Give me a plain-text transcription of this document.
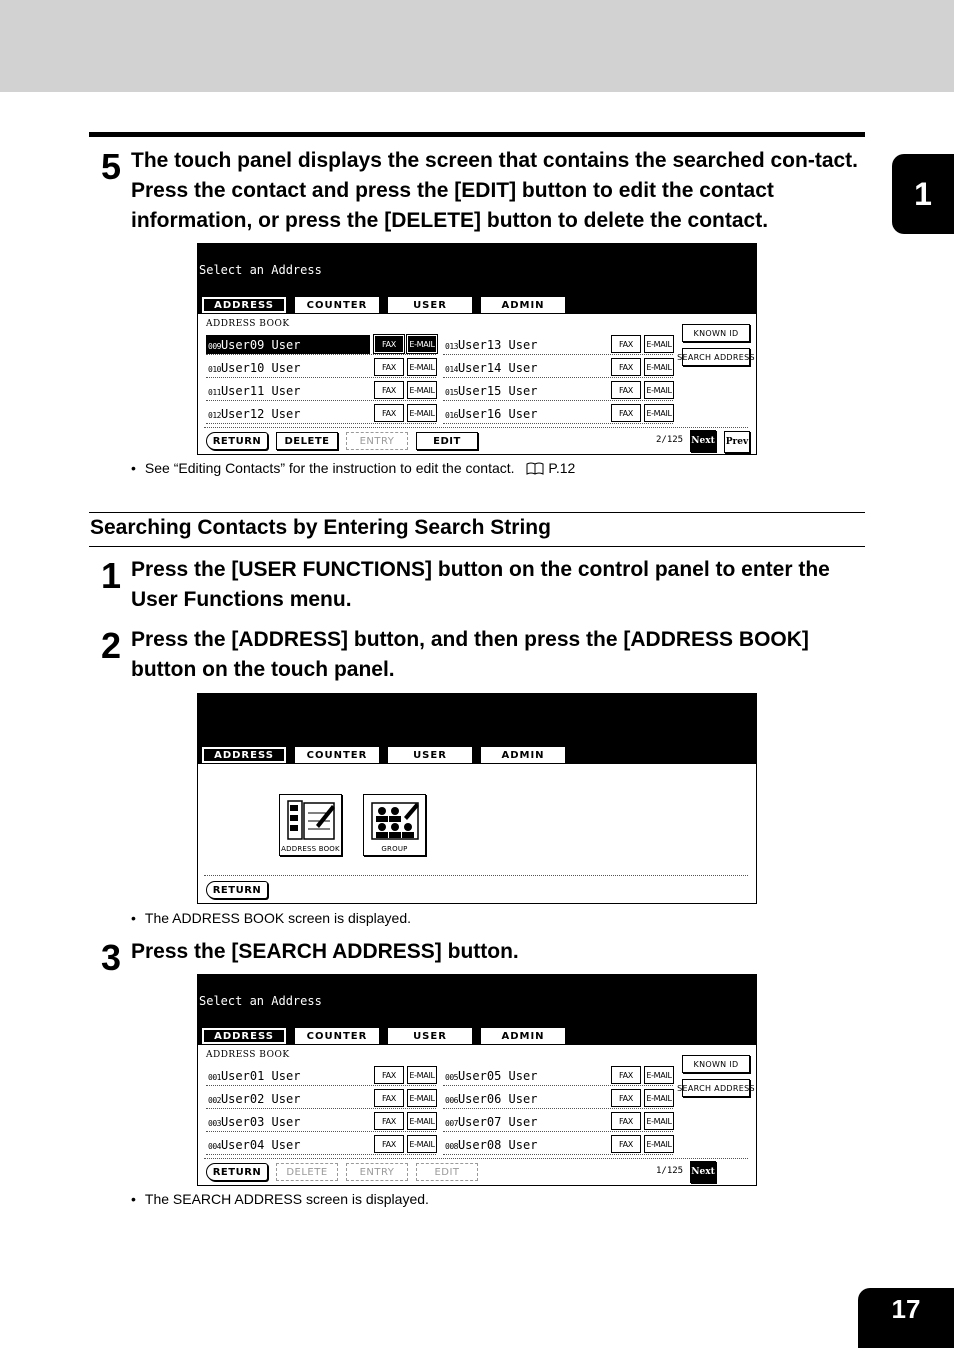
1
5 The touch panel displays the screen that contains the searched con-tact. Press the contact and press the [EDIT] button to edit the contact information, or press the [DELETE] button to delete the contact.
Select an Address
ADDRESS	COUNTER	USER	ADMIN
ADDRESS BOOK
KNOWN ID
SEARCH ADDRESS
RETURN	DELETE	ENTRY	EDIT	2/125 Next Prev
009User09 User	FAX	E-MAIL
010User10 User	FAX	E-MAIL
011User11 User	FAX	E-MAIL
012User12 User	FAX	E-MAIL
013User13 User	FAX	E-MAIL
014User14 User	FAX	E-MAIL
015User15 User	FAX	E-MAIL
016User16 User	FAX	E-MAIL
• See “Editing Contacts” for the instruction to edit the contact. P.12
Searching Contacts by Entering Search String
1 Press the [USER FUNCTIONS] button on the control panel to enter the User Functions menu.
2 Press the [ADDRESS] button, and then press the [ADDRESS BOOK] button on the touch panel.
ADDRESS	COUNTER	USER	ADMIN
ADDRESS BOOK	GROUP
RETURN
• The ADDRESS BOOK screen is displayed.
3 Press the [SEARCH ADDRESS] button.
Select an Address
ADDRESS	COUNTER	USER	ADMIN
ADDRESS BOOK
KNOWN ID
SEARCH ADDRESS
RETURN	DELETE	ENTRY	EDIT	1/125 Next
001User01 User	FAX	E-MAIL
002User02 User	FAX	E-MAIL
003User03 User	FAX	E-MAIL
004User04 User	FAX	E-MAIL
005User05 User	FAX	E-MAIL
006User06 User	FAX	E-MAIL
007User07 User	FAX	E-MAIL
008User08 User	FAX	E-MAIL
• The SEARCH ADDRESS screen is displayed.
17
